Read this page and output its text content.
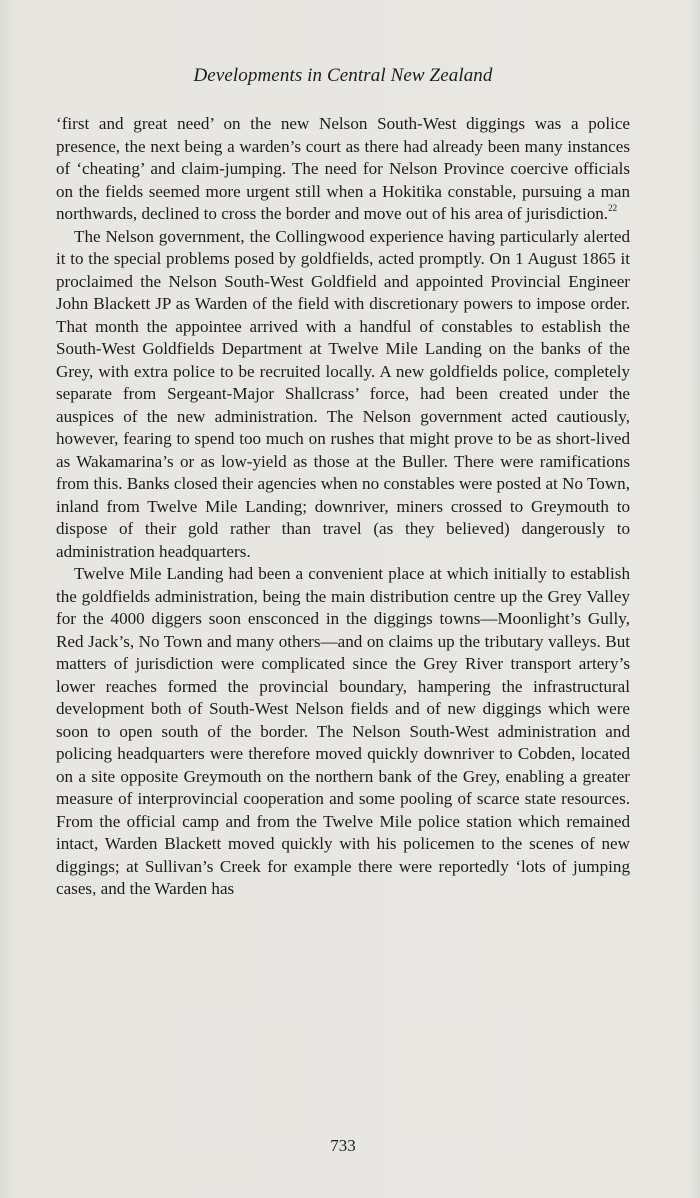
Developments in Central New Zealand

‘first and great need’ on the new Nelson South-West diggings was a police presence, the next being a warden’s court as there had already been many instances of ‘cheating’ and claim-jumping. The need for Nelson Province coercive officials on the fields seemed more urgent still when a Hokitika constable, pursuing a man northwards, declined to cross the border and move out of his area of jurisdiction.$^{22}$

The Nelson government, the Collingwood experience having particularly alerted it to the special problems posed by goldfields, acted promptly. On 1 August 1865 it proclaimed the Nelson South-West Goldfield and appointed Provincial Engineer John Blackett JP as Warden of the field with discretionary powers to impose order. That month the appointee arrived with a handful of constables to establish the South-West Goldfields Department at Twelve Mile Landing on the banks of the Grey, with extra police to be recruited locally. A new goldfields police, completely separate from Sergeant-Major Shallcrass’ force, had been created under the auspices of the new administration. The Nelson government acted cautiously, however, fearing to spend too much on rushes that might prove to be as short-lived as Wakamarina’s or as low-yield as those at the Buller. There were ramifications from this. Banks closed their agencies when no constables were posted at No Town, inland from Twelve Mile Landing; downriver, miners crossed to Greymouth to dispose of their gold rather than travel (as they believed) dangerously to administration headquarters.

Twelve Mile Landing had been a convenient place at which initially to establish the goldfields administration, being the main distribution centre up the Grey Valley for the 4000 diggers soon ensconced in the diggings towns—Moonlight’s Gully, Red Jack’s, No Town and many others—and on claims up the tributary valleys. But matters of jurisdiction were complicated since the Grey River transport artery’s lower reaches formed the provincial boundary, hampering the infrastructural development both of South-West Nelson fields and of new diggings which were soon to open south of the border. The Nelson South-West administration and policing headquarters were therefore moved quickly downriver to Cobden, located on a site opposite Greymouth on the northern bank of the Grey, enabling a greater measure of interprovincial cooperation and some pooling of scarce state resources. From the official camp and from the Twelve Mile police station which remained intact, Warden Blackett moved quickly with his policemen to the scenes of new diggings; at Sullivan’s Creek for example there were reportedly ‘lots of jumping cases, and the Warden has

733
